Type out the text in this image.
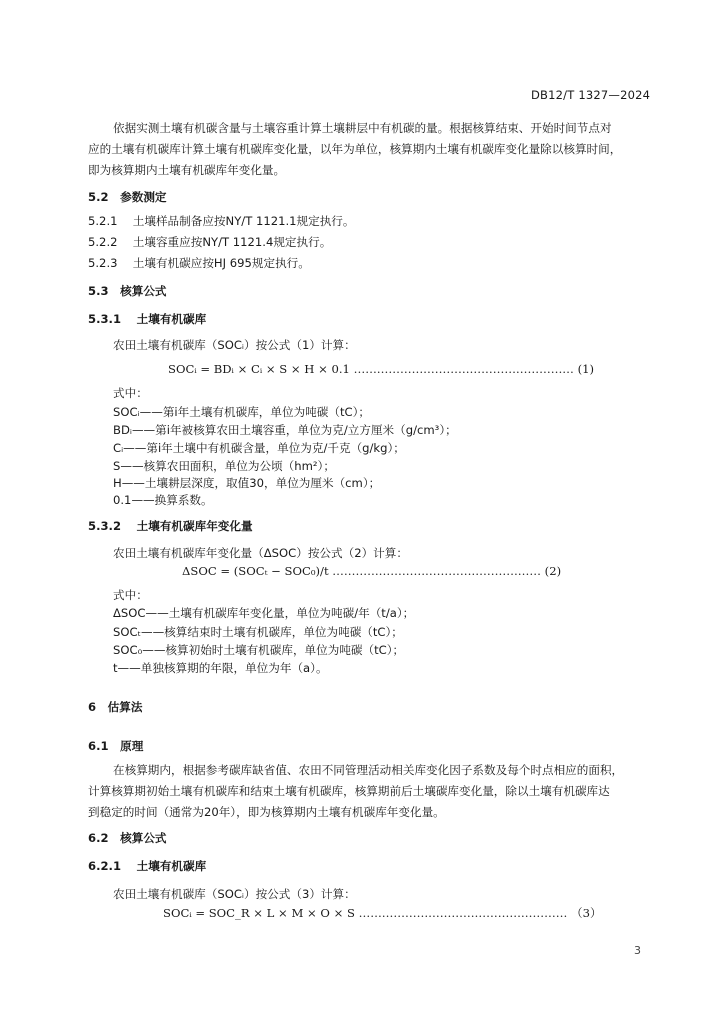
DB12/T 1327—2024
依据实测土壤有机碳含量与土壤容重计算土壤耕层中有机碳的量。根据核算结束、开始时间节点对
应的土壤有机碳库计算土壤有机碳库变化量，以年为单位，核算期内土壤有机碳库变化量除以核算时间，
即为核算期内土壤有机碳库年变化量。
5.2　参数测定
5.2.1　 土壤样品制备应按NY/T 1121.1规定执行。
5.2.2　 土壤容重应按NY/T 1121.4规定执行。
5.2.3　 土壤有机碳应按HJ 695规定执行。
5.3　核算公式
5.3.1　 土壤有机碳库
农田土壤有机碳库（SOCᵢ）按公式（1）计算：
SOCᵢ = BDᵢ × Cᵢ × S × H × 0.1 ………………………………………………… (1)
式中：
SOCᵢ——第i年土壤有机碳库，单位为吨碳（tC）；
BDᵢ——第i年被核算农田土壤容重，单位为克/立方厘米（g/cm³）；
Cᵢ——第i年土壤中有机碳含量，单位为克/千克（g/kg）；
S——核算农田面积，单位为公顷（hm²）；
H——土壤耕层深度，取值30，单位为厘米（cm）；
0.1——换算系数。
5.3.2　 土壤有机碳库年变化量
农田土壤有机碳库年变化量（ΔSOC）按公式（2）计算：
ΔSOC = (SOCₜ − SOC₀)/t ……………………………………………… (2)
式中：
ΔSOC——土壤有机碳库年变化量，单位为吨碳/年（t/a）；
SOCₜ——核算结束时土壤有机碳库，单位为吨碳（tC）；
SOC₀——核算初始时土壤有机碳库，单位为吨碳（tC）；
t——单独核算期的年限，单位为年（a）。
6　估算法
6.1　原理
在核算期内，根据参考碳库缺省值、农田不同管理活动相关库变化因子系数及每个时点相应的面积，
计算核算期初始土壤有机碳库和结束土壤有机碳库，核算期前后土壤碳库变化量，除以土壤有机碳库达
到稳定的时间（通常为20年），即为核算期内土壤有机碳库年变化量。
6.2　核算公式
6.2.1　 土壤有机碳库
农田土壤有机碳库（SOCᵢ）按公式（3）计算：
SOCᵢ = SOC_R × L × M × O × S ……………………………………………… （3）
3
